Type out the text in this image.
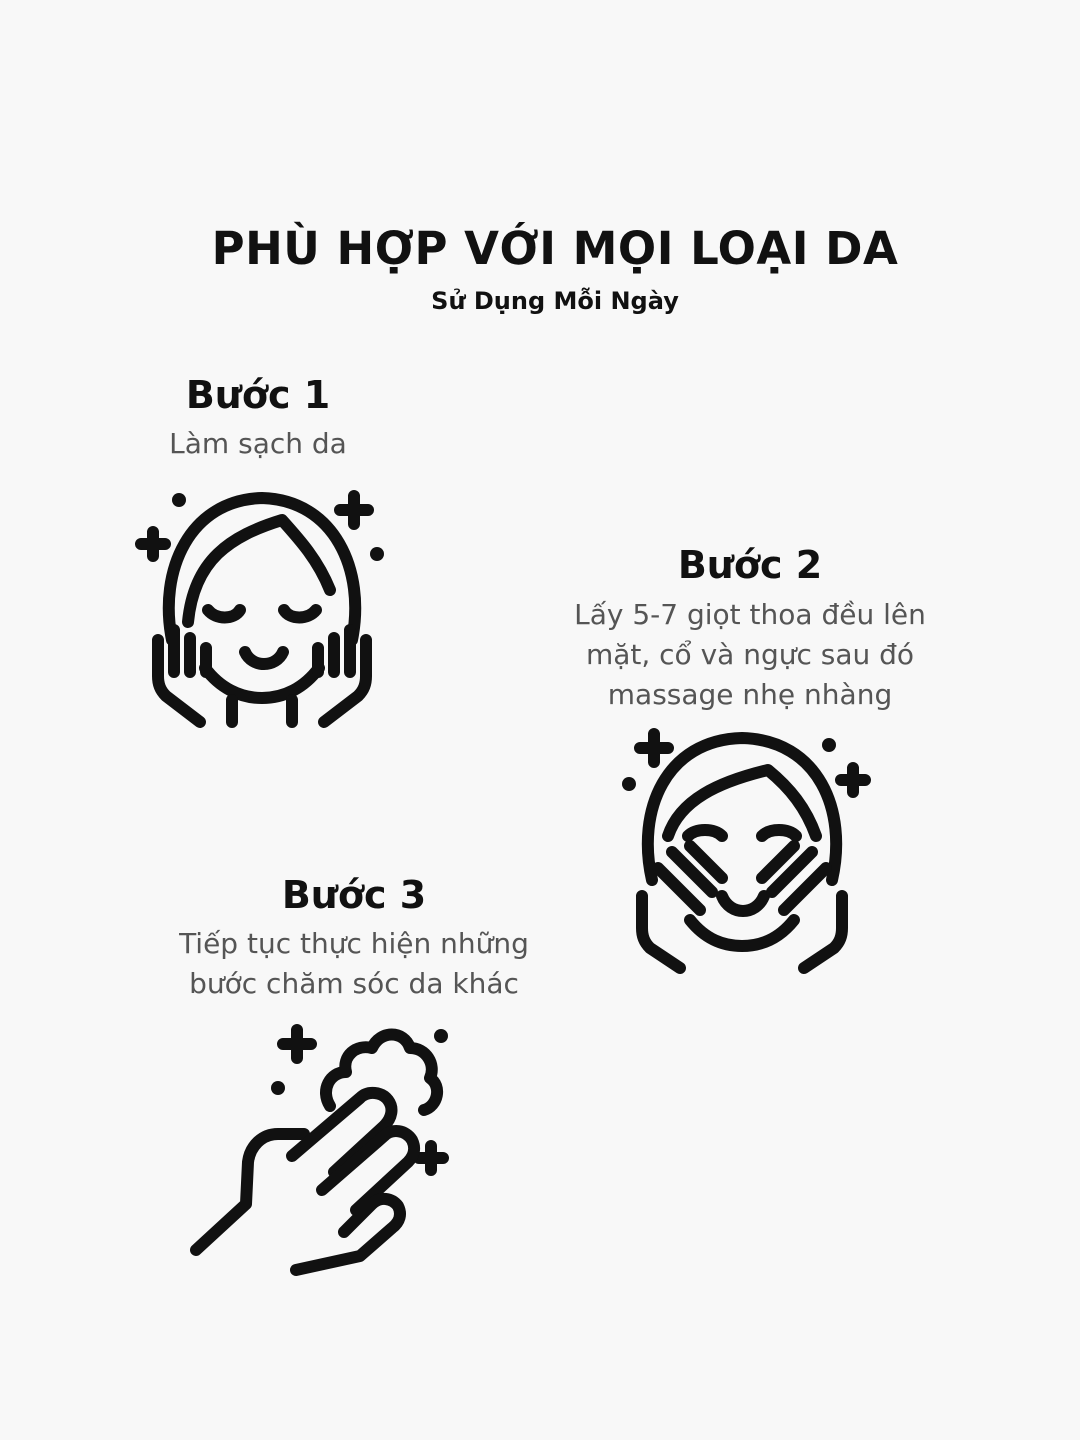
PHÙ HỢP VỚI MỌI LOẠI DA
Sử Dụng Mỗi Ngày
Bước 1
Làm sạch da
Bước 2
Lấy 5-7 giọt thoa đều lên
mặt, cổ và ngực sau đó
massage nhẹ nhàng
Bước 3
Tiếp tục thực hiện những
bước chăm sóc da khác
